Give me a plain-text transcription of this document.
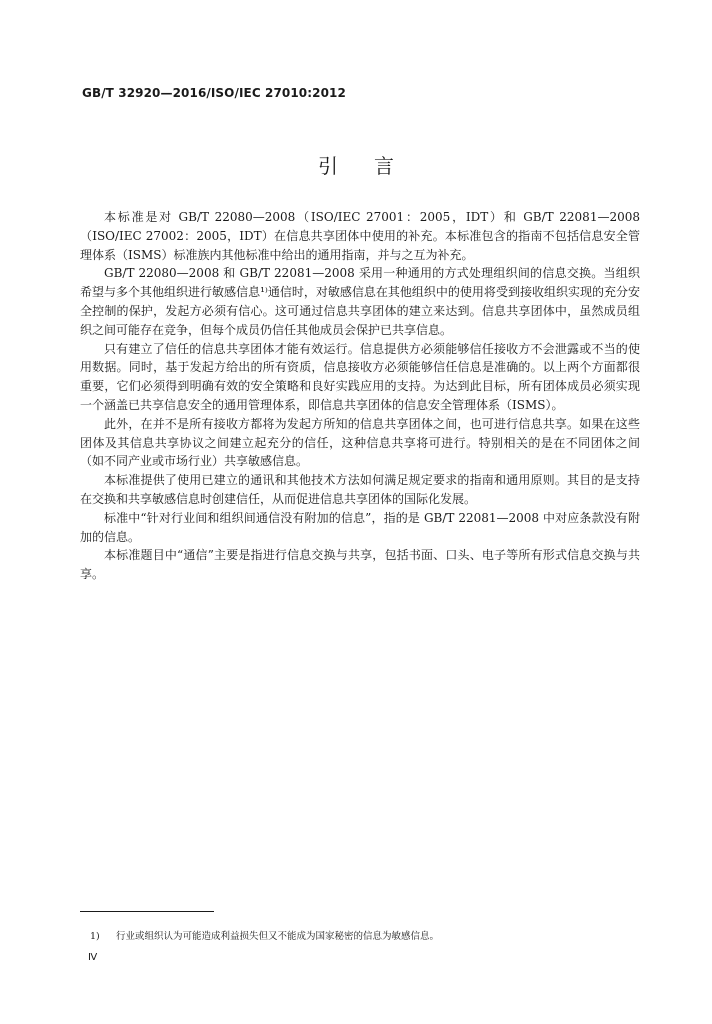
GB/T 32920—2016/ISO/IEC 27010:2012
引言

本标准是对 GB/T 22080—2008（ISO/IEC 27001：2005，IDT）和 GB/T 22081—2008（ISO/IEC 27002：2005，IDT）在信息共享团体中使用的补充。本标准包含的指南不包括信息安全管理体系（ISMS）标准族内其他标准中给出的通用指南，并与之互为补充。

GB/T 22080—2008 和 GB/T 22081—2008 采用一种通用的方式处理组织间的信息交换。当组织希望与多个其他组织进行敏感信息¹⁾通信时，对敏感信息在其他组织中的使用将受到接收组织实现的充分安全控制的保护，发起方必须有信心。这可通过信息共享团体的建立来达到。信息共享团体中，虽然成员组织之间可能存在竞争，但每个成员仍信任其他成员会保护已共享信息。

只有建立了信任的信息共享团体才能有效运行。信息提供方必须能够信任接收方不会泄露或不当的使用数据。同时，基于发起方给出的所有资质，信息接收方必须能够信任信息是准确的。以上两个方面都很重要，它们必须得到明确有效的安全策略和良好实践应用的支持。为达到此目标，所有团体成员必须实现一个涵盖已共享信息安全的通用管理体系，即信息共享团体的信息安全管理体系（ISMS）。

此外，在并不是所有接收方都将为发起方所知的信息共享团体之间，也可进行信息共享。如果在这些团体及其信息共享协议之间建立起充分的信任，这种信息共享将可进行。特别相关的是在不同团体之间（如不同产业或市场行业）共享敏感信息。

本标准提供了使用已建立的通讯和其他技术方法如何满足规定要求的指南和通用原则。其目的是支持在交换和共享敏感信息时创建信任，从而促进信息共享团体的国际化发展。

标准中“针对行业间和组织间通信没有附加的信息”，指的是 GB/T 22081—2008 中对应条款没有附加的信息。

本标准题目中“通信”主要是指进行信息交换与共享，包括书面、口头、电子等所有形式信息交换与共享。

1) 行业或组织认为可能造成利益损失但又不能成为国家秘密的信息为敏感信息。
Ⅳ
